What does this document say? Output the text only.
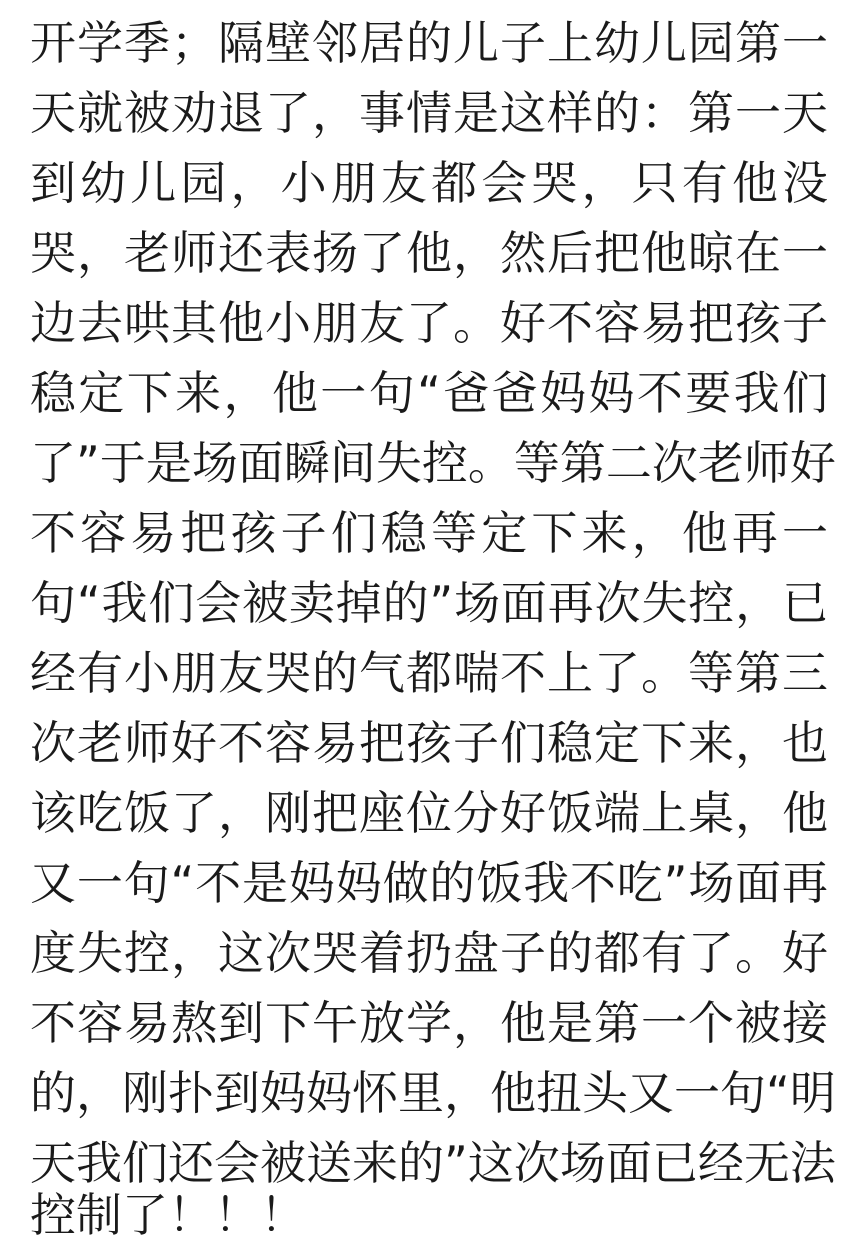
开学季；隔壁邻居的儿子上幼儿园第一
天就被劝退了，事情是这样的：第一天
到幼儿园，小朋友都会哭，只有他没
哭，老师还表扬了他，然后把他晾在一
边去哄其他小朋友了。好不容易把孩子
稳定下来，他一句“爸爸妈妈不要我们
了”于是场面瞬间失控。等第二次老师好
不容易把孩子们稳等定下来，他再一
句“我们会被卖掉的”场面再次失控，已
经有小朋友哭的气都喘不上了。等第三
次老师好不容易把孩子们稳定下来，也
该吃饭了，刚把座位分好饭端上桌，他
又一句“不是妈妈做的饭我不吃”场面再
度失控，这次哭着扔盘子的都有了。好
不容易熬到下午放学，他是第一个被接
的，刚扑到妈妈怀里，他扭头又一句“明
天我们还会被送来的”这次场面已经无法
控制了！！！
